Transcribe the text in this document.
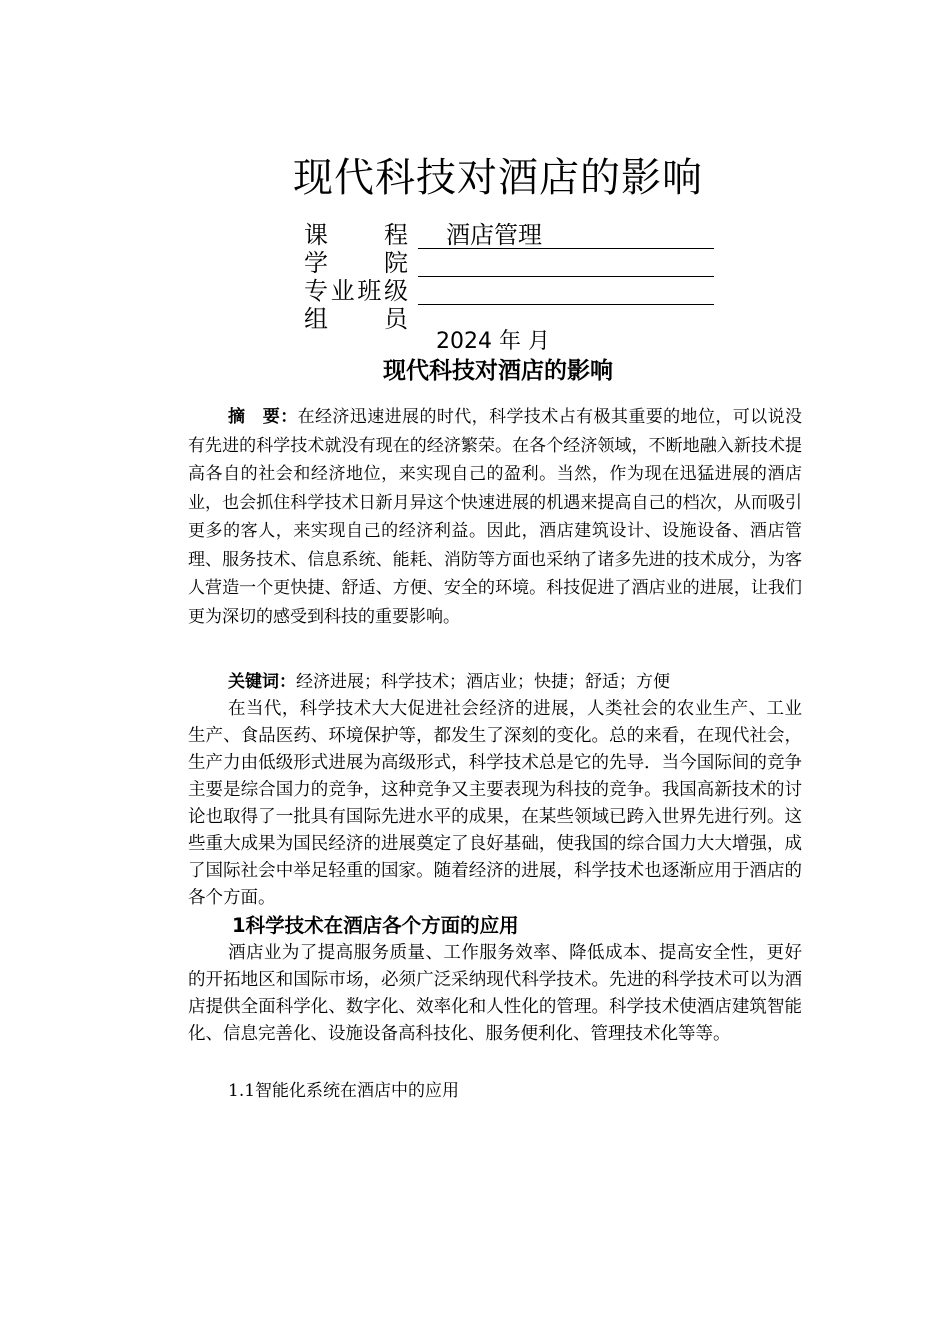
现代科技对酒店的影响
课 程 酒店管理
学 院
专 业 班 级
组 员
2024 年 月
现代科技对酒店的影响
摘　要：在经济迅速进展的时代，科学技术占有极其重要的地位，可以说没有先进的科学技术就没有现在的经济繁荣。在各个经济领域，不断地融入新技术提高各自的社会和经济地位，来实现自己的盈利。当然，作为现在迅猛进展的酒店业，也会抓住科学技术日新月异这个快速进展的机遇来提高自己的档次，从而吸引更多的客人，来实现自己的经济利益。因此，酒店建筑设计、设施设备、酒店管理、服务技术、信息系统、能耗、消防等方面也采纳了诸多先进的技术成分，为客人营造一个更快捷、舒适、方便、安全的环境。科技促进了酒店业的进展，让我们更为深切的感受到科技的重要影响。
关键词：经济进展；科学技术；酒店业；快捷；舒适；方便
在当代，科学技术大大促进社会经济的进展，人类社会的农业生产、工业生产、食品医药、环境保护等，都发生了深刻的变化。总的来看，在现代社会，生产力由低级形式进展为高级形式，科学技术总是它的先导．当今国际间的竞争主要是综合国力的竞争，这种竞争又主要表现为科技的竞争。我国高新技术的讨论也取得了一批具有国际先进水平的成果，在某些领域已跨入世界先进行列。这些重大成果为国民经济的进展奠定了良好基础，使我国的综合国力大大增强，成了国际社会中举足轻重的国家。随着经济的进展，科学技术也逐渐应用于酒店的各个方面。
1科学技术在酒店各个方面的应用
酒店业为了提高服务质量、工作服务效率、降低成本、提高安全性，更好的开拓地区和国际市场，必须广泛采纳现代科学技术。先进的科学技术可以为酒店提供全面科学化、数字化、效率化和人性化的管理。科学技术使酒店建筑智能化、信息完善化、设施设备高科技化、服务便利化、管理技术化等等。
1.1智能化系统在酒店中的应用
